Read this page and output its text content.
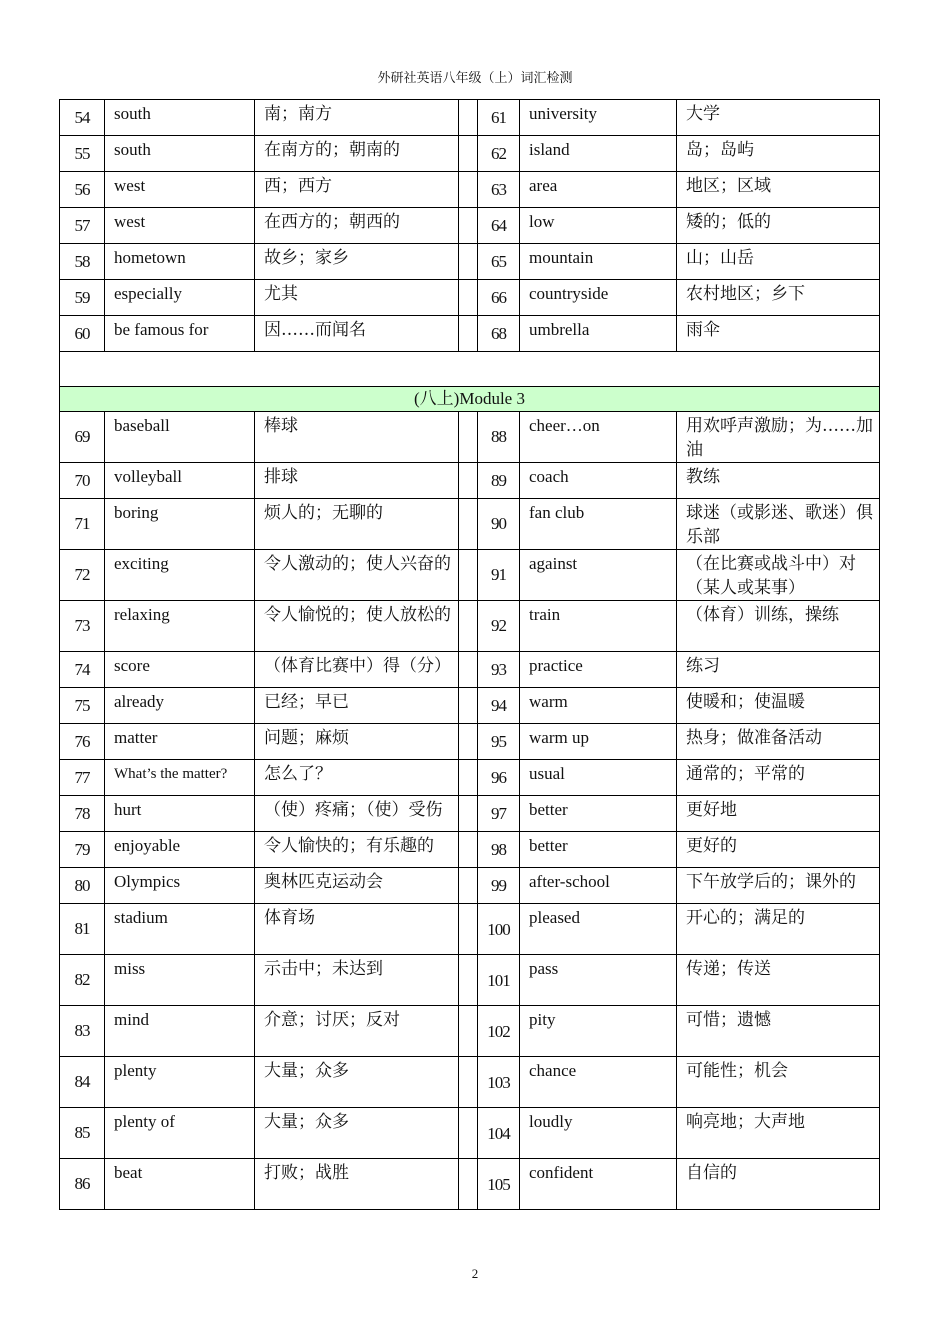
外研社英语八年级（上）词汇检测
54	south	南；南方		61	university	大学
55	south	在南方的；朝南的		62	island	岛；岛屿
56	west	西；西方		63	area	地区；区域
57	west	在西方的；朝西的		64	low	矮的；低的
58	hometown	故乡；家乡		65	mountain	山；山岳
59	especially	尤其		66	countryside	农村地区；乡下
60	be famous for	因……而闻名		68	umbrella	雨伞

(八上)Module 3						
69	baseball	棒球		88	cheer…on	用欢呼声激励；为……加油
70	volleyball	排球		89	coach	教练
71	boring	烦人的；无聊的		90	fan club	球迷（或影迷、歌迷）俱乐部
72	exciting	令人激动的；使人兴奋的		91	against	（在比赛或战斗中）对（某人或某事）
73	relaxing	令人愉悦的；使人放松的		92	train	（体育）训练，操练
74	score	（体育比赛中）得（分）		93	practice	练习
75	already	已经；早已		94	warm	使暖和；使温暖
76	matter	问题；麻烦		95	warm up	热身；做准备活动
77	What’s the matter?	怎么了？		96	usual	通常的；平常的
78	hurt	（使）疼痛；（使）受伤		97	better	更好地
79	enjoyable	令人愉快的；有乐趣的		98	better	更好的
80	Olympics	奥林匹克运动会		99	after-school	下午放学后的；课外的
81	stadium	体育场		100	pleased	开心的；满足的
82	miss	示击中；未达到		101	pass	传递；传送
83	mind	介意；讨厌；反对		102	pity	可惜；遗憾
84	plenty	大量；众多		103	chance	可能性；机会
85	plenty of	大量；众多		104	loudly	响亮地；大声地
86	beat	打败；战胜		105	confident	自信的
2
